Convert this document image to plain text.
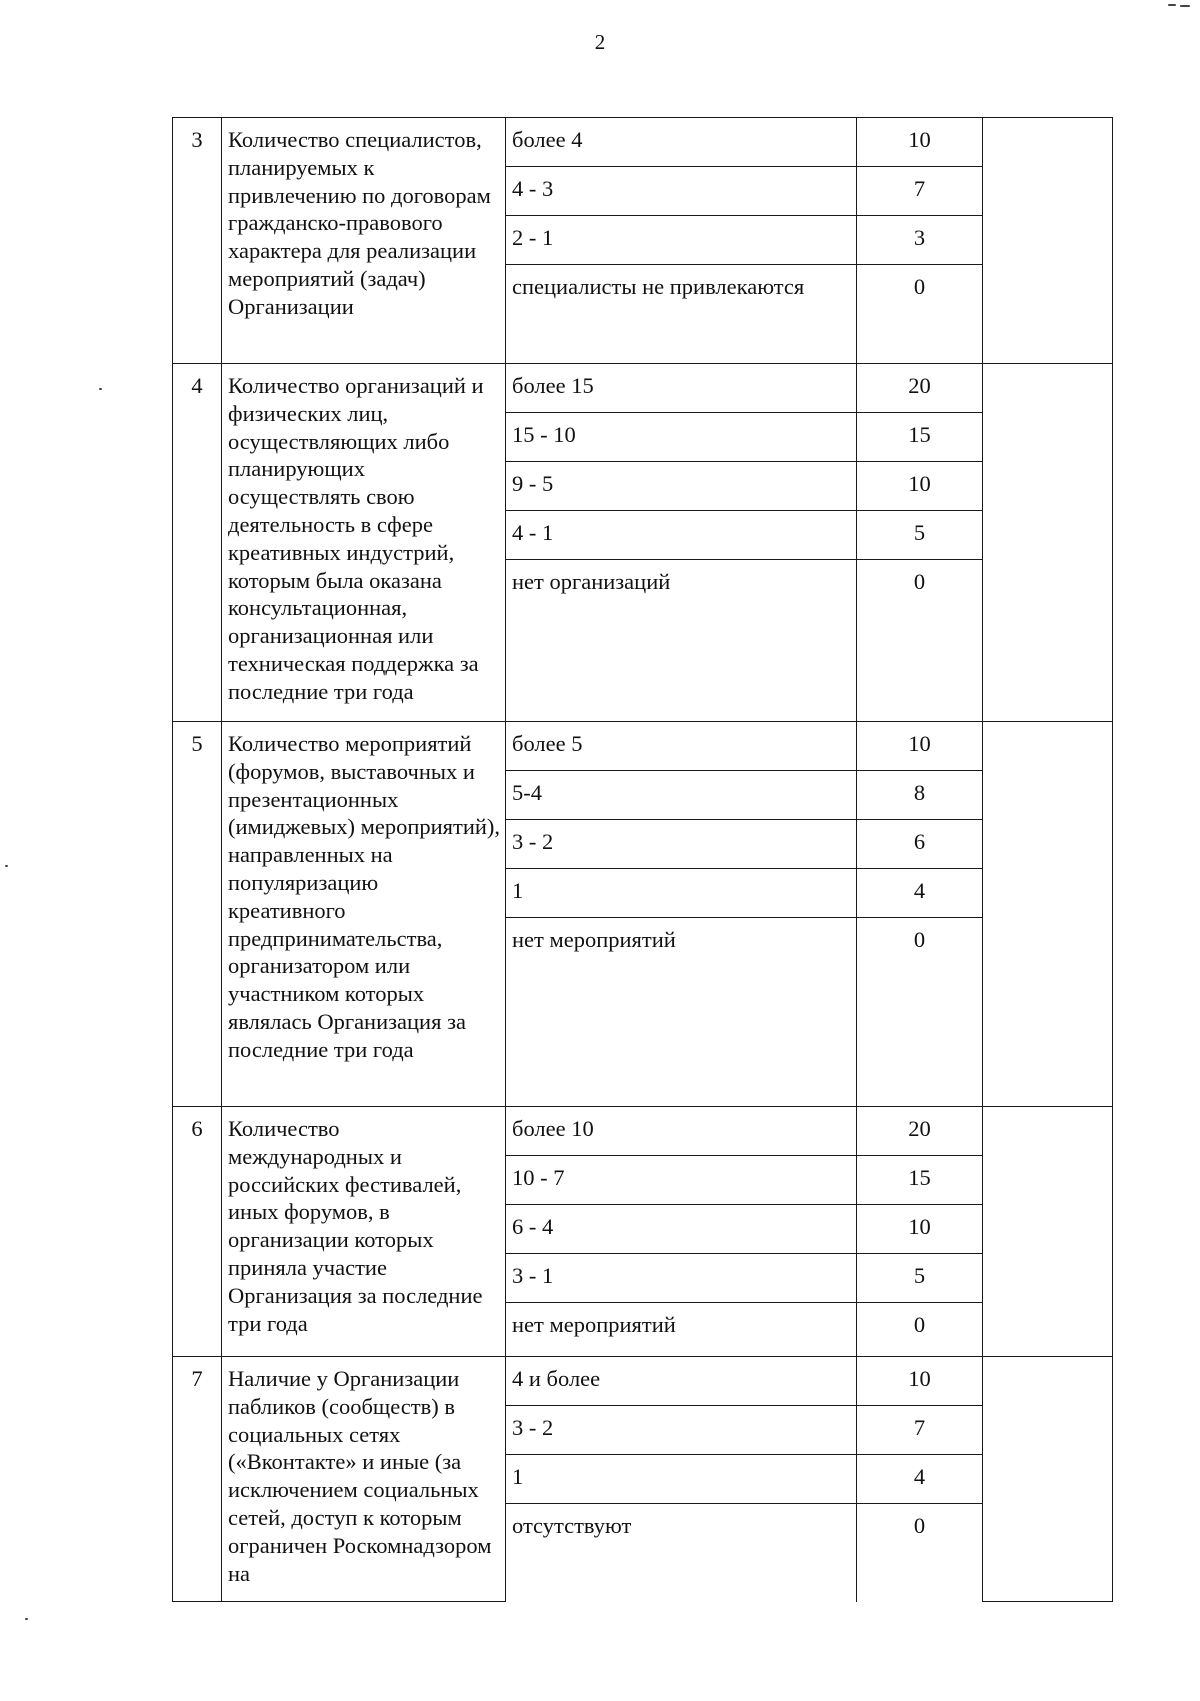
2
3	Количество специалистов, планируемых к привлечению по договорам гражданско-правового характера для реализации мероприятий (задач) Организации	более 4	10	
		4 - 3	7	
		2 - 1	3	
		специалисты не привлекаются	0	
4	Количество организаций и физических лиц, осуществляющих либо планирующих осуществлять свою деятельность в сфере креативных индустрий, которым была оказана консультационная, организационная или техническая поддержка за последние три года	более 15	20	
		15 - 10	15	
		9 - 5	10	
		4 - 1	5	
		нет организаций	0	
5	Количество мероприятий (форумов, выставочных и презентационных (имиджевых) мероприятий), направленных на популяризацию креативного предпринимательства, организатором или участником которых являлась Организация за последние три года	более 5	10	
		5-4	8	
		3 - 2	6	
		1	4	
		нет мероприятий	0	
6	Количество международных и российских фестивалей, иных форумов, в организации которых приняла участие Организация за последние три года	более 10	20	
		10 - 7	15	
		6 - 4	10	
		3 - 1	5	
		нет мероприятий	0	
7	Наличие у Организации пабликов (сообществ) в социальных сетях («Вконтакте» и иные (за исключением социальных сетей, доступ к которым ограничен Роскомнадзором на	4 и более	10	
		3 - 2	7	
		1	4	
		отсутствуют	0	
